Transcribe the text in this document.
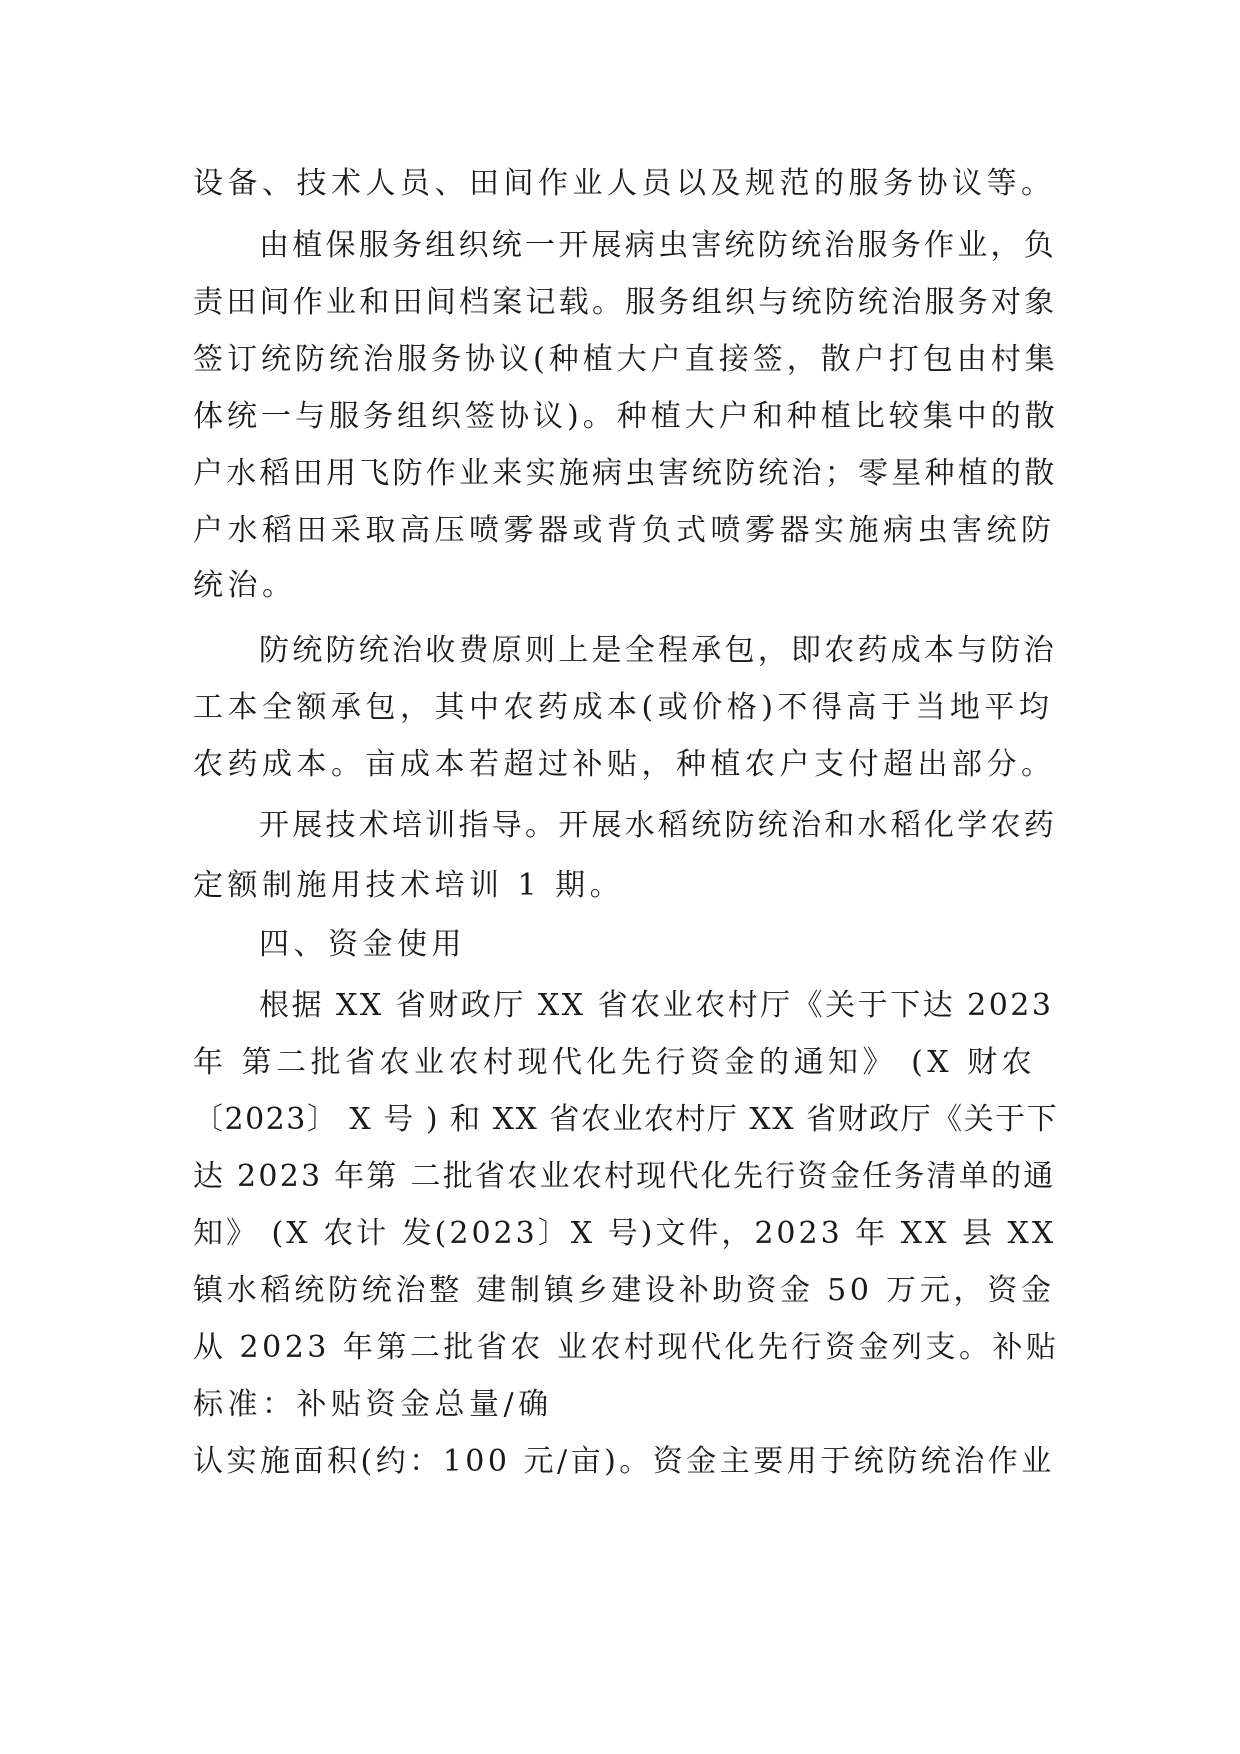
设备、技术人员、田间作业人员以及规范的服务协议等。
由植保服务组织统一开展病虫害统防统治服务作业，负
责田间作业和田间档案记载。服务组织与统防统治服务对象
签订统防统治服务协议(种植大户直接签，散户打包由村集
体统一与服务组织签协议)。种植大户和种植比较集中的散
户水稻田用飞防作业来实施病虫害统防统治；零星种植的散
户水稻田采取高压喷雾器或背负式喷雾器实施病虫害统防
统治。
防统防统治收费原则上是全程承包，即农药成本与防治
工本全额承包，其中农药成本(或价格)不得高于当地平均
农药成本。亩成本若超过补贴，种植农户支付超出部分。
开展技术培训指导。开展水稻统防统治和水稻化学农药
定额制施用技术培训 1 期。
四、资金使用
根据 XX 省财政厅 XX 省农业农村厅《关于下达 2023
年 第二批省农业农村现代化先行资金的通知》 (X 财农
〔2023〕 X 号 ) 和 XX 省农业农村厅 XX 省财政厅《关于下
达 2023 年第 二批省农业农村现代化先行资金任务清单的通
知》 (X 农计 发(2023〕X 号)文件，2023 年 XX 县 XX
镇水稻统防统治整 建制镇乡建设补助资金 50 万元，资金
从 2023 年第二批省农 业农村现代化先行资金列支。补贴
标准：补贴资金总量/确
认实施面积(约：100 元/亩)。资金主要用于统防统治作业
